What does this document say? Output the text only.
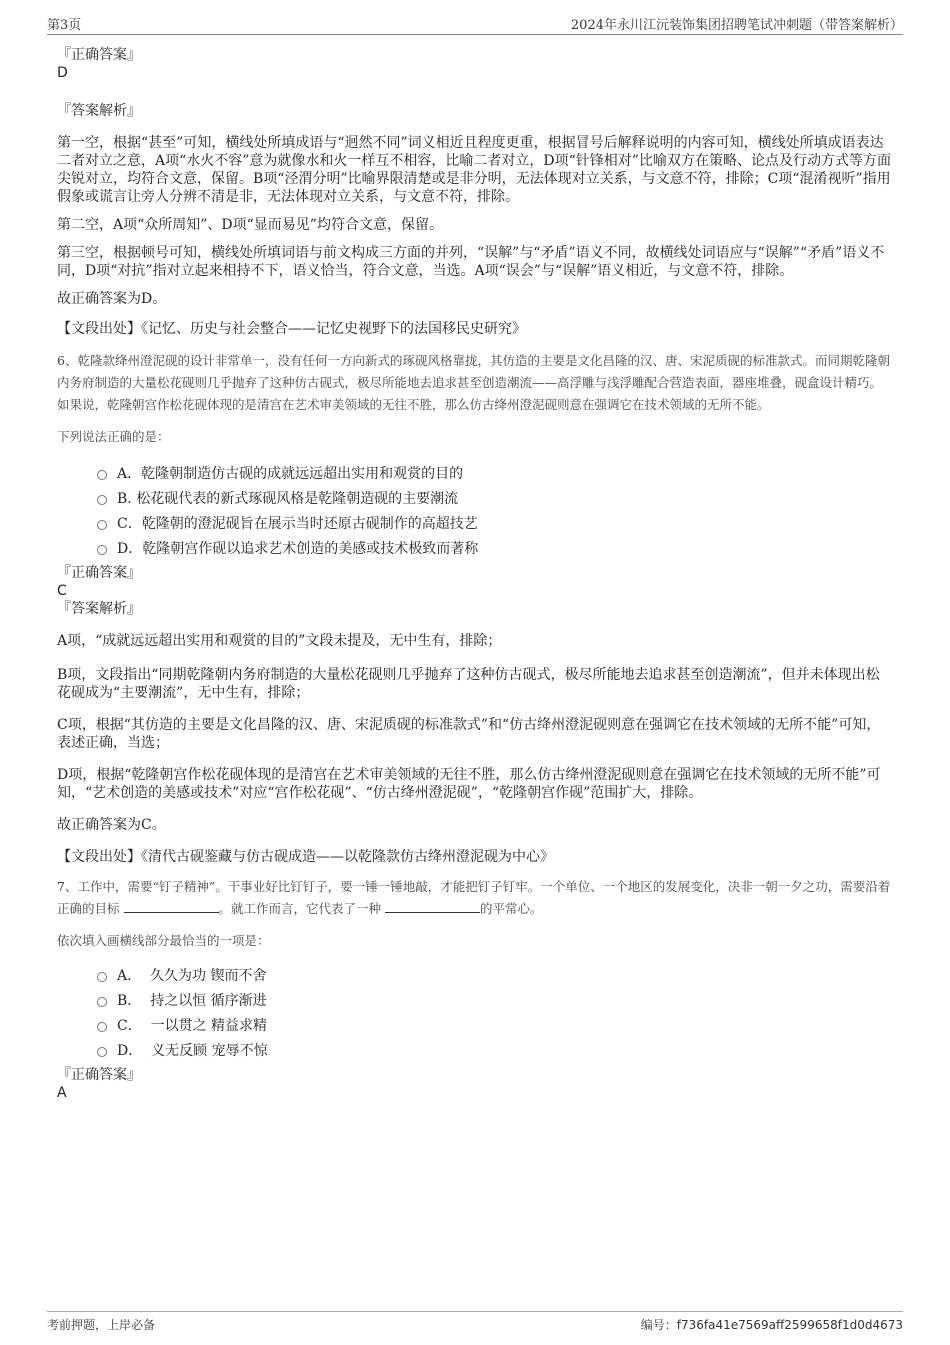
第3页	2024年永川江沅装饰集团招聘笔试冲刺题（带答案解析）
『正确答案』
D
『答案解析』

第一空，根据“甚至”可知，横线处所填成语与“迥然不同”词义相近且程度更重，根据冒号后解释说明的内容可知，横线处所填成语表达二者对立之意，A项“水火不容”意为就像水和火一样互不相容，比喻二者对立，D项“针锋相对”比喻双方在策略、论点及行动方式等方面尖锐对立，均符合文意，保留。B项“泾渭分明”比喻界限清楚或是非分明，无法体现对立关系，与文意不符，排除；C项“混淆视听”指用假象或谎言让旁人分辨不清是非，无法体现对立关系，与文意不符，排除。

第二空，A项“众所周知”、D项“显而易见”均符合文意，保留。

第三空，根据顿号可知，横线处所填词语与前文构成三方面的并列，“误解”与“矛盾”语义不同，故横线处词语应与“误解”“矛盾”语义不同，D项“对抗”指对立起来相持不下，语义恰当，符合文意，当选。A项“误会”与“误解”语义相近，与文意不符，排除。

故正确答案为D。

【文段出处】《记忆、历史与社会整合——记忆史视野下的法国移民史研究》

6、乾隆款绛州澄泥砚的设计非常单一，没有任何一方向新式的琢砚风格靠拢，其仿造的主要是文化昌隆的汉、唐、宋泥质砚的标准款式。而同期乾隆朝内务府制造的大量松花砚则几乎抛弃了这种仿古砚式，极尽所能地去追求甚至创造潮流——高浮雕与浅浮雕配合营造表面，器座堆叠，砚盒设计精巧。如果说，乾隆朝宫作松花砚体现的是清宫在艺术审美领域的无往不胜，那么仿古绛州澄泥砚则意在强调它在技术领域的无所不能。

下列说法正确的是：

A．乾隆朝制造仿古砚的成就远远超出实用和观赏的目的
B. 松花砚代表的新式琢砚风格是乾隆朝造砚的主要潮流
C．乾隆朝的澄泥砚旨在展示当时还原古砚制作的高超技艺
D．乾隆朝宫作砚以追求艺术创造的美感或技术极致而著称
『正确答案』
C
『答案解析』

A项，“成就远远超出实用和观赏的目的”文段未提及，无中生有，排除；

B项，文段指出“同期乾隆朝内务府制造的大量松花砚则几乎抛弃了这种仿古砚式，极尽所能地去追求甚至创造潮流”，但并未体现出松花砚成为“主要潮流”，无中生有，排除；

C项，根据“其仿造的主要是文化昌隆的汉、唐、宋泥质砚的标准款式”和“仿古绛州澄泥砚则意在强调它在技术领域的无所不能”可知，表述正确，当选；

D项，根据“乾隆朝宫作松花砚体现的是清宫在艺术审美领域的无往不胜，那么仿古绛州澄泥砚则意在强调它在技术领域的无所不能”可知，“艺术创造的美感或技术”对应“宫作松花砚”、“仿古绛州澄泥砚”，“乾隆朝宫作砚”范围扩大，排除。

故正确答案为C。

【文段出处】《清代古砚鉴藏与仿古砚成造——以乾隆款仿古绛州澄泥砚为中心》

7、工作中，需要“钉子精神”。干事业好比钉钉子，要一锤一锤地敲，才能把钉子钉牢。一个单位、一个地区的发展变化，决非一朝一夕之功，需要沿着正确的目标	。就工作而言，它代表了一种	的平常心。

依次填入画横线部分最恰当的一项是：

A．  久久为功 锲而不舍
B．  持之以恒 循序渐进
C．  一以贯之 精益求精
D．  义无反顾 宠辱不惊
『正确答案』
A
考前押题，上岸必备	编号：f736fa41e7569aff2599658f1d0d4673
